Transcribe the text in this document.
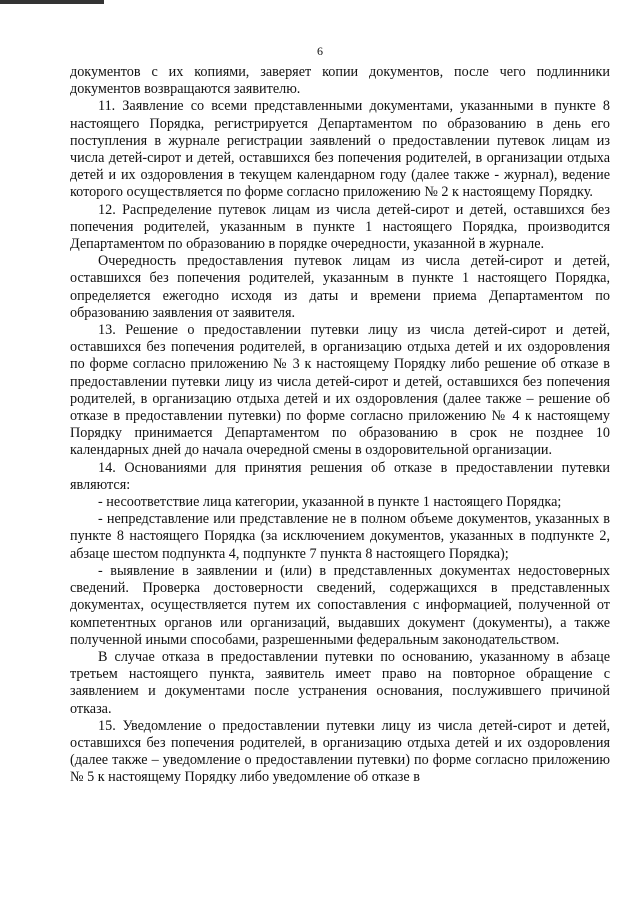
6

документов с их копиями, заверяет копии документов, после чего подлинники документов возвращаются заявителю.

11. Заявление со всеми представленными документами, указанными в пункте 8 настоящего Порядка, регистрируется Департаментом по образованию в день его поступления в журнале регистрации заявлений о предоставлении путевок лицам из числа детей-сирот и детей, оставшихся без попечения родителей, в организации отдыха детей и их оздоровления в текущем календарном году (далее также - журнал), ведение которого осуществляется по форме согласно приложению № 2 к настоящему Порядку.

12. Распределение путевок лицам из числа детей-сирот и детей, оставшихся без попечения родителей, указанным в пункте 1 настоящего Порядка, производится Департаментом по образованию в порядке очередности, указанной в журнале.

Очередность предоставления путевок лицам из числа детей-сирот и детей, оставшихся без попечения родителей, указанным в пункте 1 настоящего Порядка, определяется ежегодно исходя из даты и времени приема Департаментом по образованию заявления от заявителя.

13. Решение о предоставлении путевки лицу из числа детей-сирот и детей, оставшихся без попечения родителей, в организацию отдыха детей и их оздоровления по форме согласно приложению № 3 к настоящему Порядку либо решение об отказе в предоставлении путевки лицу из числа детей-сирот и детей, оставшихся без попечения родителей, в организацию отдыха детей и их оздоровления (далее также – решение об отказе в предоставлении путевки) по форме согласно приложению № 4 к настоящему Порядку принимается Департаментом по образованию в срок не позднее 10 календарных дней до начала очередной смены в оздоровительной организации.

14. Основаниями для принятия решения об отказе в предоставлении путевки являются:

- несоответствие лица категории, указанной в пункте 1 настоящего Порядка;

- непредставление или представление не в полном объеме документов, указанных в пункте 8 настоящего Порядка (за исключением документов, указанных в подпункте 2, абзаце шестом подпункта 4, подпункте 7 пункта 8 настоящего Порядка);

- выявление в заявлении и (или) в представленных документах недостоверных сведений. Проверка достоверности сведений, содержащихся в представленных документах, осуществляется путем их сопоставления с информацией, полученной от компетентных органов или организаций, выдавших документ (документы), а также полученной иными способами, разрешенными федеральным законодательством.

В случае отказа в предоставлении путевки по основанию, указанному в абзаце третьем настоящего пункта, заявитель имеет право на повторное обращение с заявлением и документами после устранения основания, послужившего причиной отказа.

15. Уведомление о предоставлении путевки лицу из числа детей-сирот и детей, оставшихся без попечения родителей, в организацию отдыха детей и их оздоровления (далее также – уведомление о предоставлении путевки) по форме согласно приложению № 5 к настоящему Порядку либо уведомление об отказе в
